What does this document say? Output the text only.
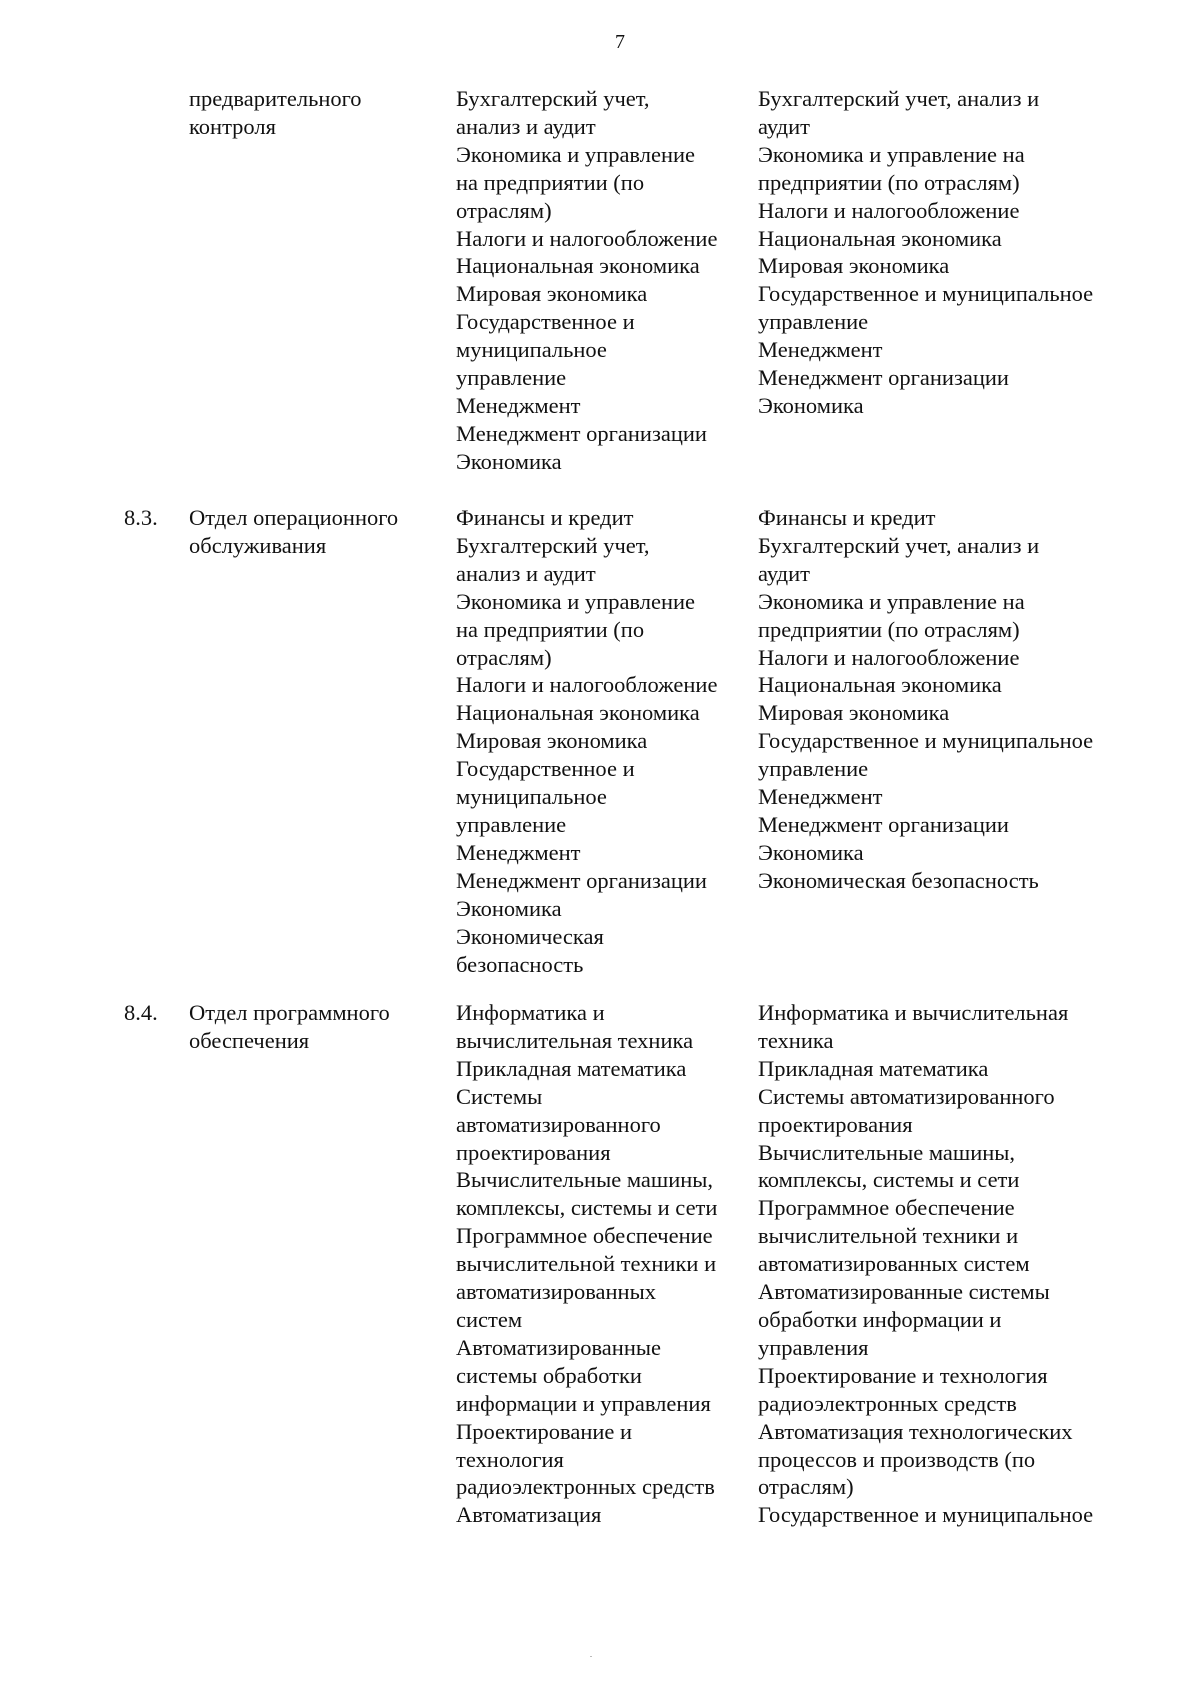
7
предварительного
контроля
Бухгалтерский учет,
анализ и аудит
Экономика и управление
на предприятии (по
отраслям)
Налоги и налогообложение
Национальная экономика
Мировая экономика
Государственное и
муниципальное
управление
Менеджмент
Менеджмент организации
Экономика
Бухгалтерский учет, анализ и
аудит
Экономика и управление на
предприятии (по отраслям)
Налоги и налогообложение
Национальная экономика
Мировая экономика
Государственное и муниципальное
управление
Менеджмент
Менеджмент организации
Экономика
8.3.	Отдел операционного
обслуживания
Финансы и кредит
Бухгалтерский учет,
анализ и аудит
Экономика и управление
на предприятии (по
отраслям)
Налоги и налогообложение
Национальная экономика
Мировая экономика
Государственное и
муниципальное
управление
Менеджмент
Менеджмент организации
Экономика
Экономическая
безопасность
Финансы и кредит
Бухгалтерский учет, анализ и
аудит
Экономика и управление на
предприятии (по отраслям)
Налоги и налогообложение
Национальная экономика
Мировая экономика
Государственное и муниципальное
управление
Менеджмент
Менеджмент организации
Экономика
Экономическая безопасность
8.4.	Отдел программного
обеспечения
Информатика и
вычислительная техника
Прикладная математика
Системы
автоматизированного
проектирования
Вычислительные машины,
комплексы, системы и сети
Программное обеспечение
вычислительной техники и
автоматизированных
систем
Автоматизированные
системы обработки
информации и управления
Проектирование и
технология
радиоэлектронных средств
Автоматизация
Информатика и вычислительная
техника
Прикладная математика
Системы автоматизированного
проектирования
Вычислительные машины,
комплексы, системы и сети
Программное обеспечение
вычислительной техники и
автоматизированных систем
Автоматизированные системы
обработки информации и
управления
Проектирование и технология
радиоэлектронных средств
Автоматизация технологических
процессов и производств (по
отраслям)
Государственное и муниципальное
